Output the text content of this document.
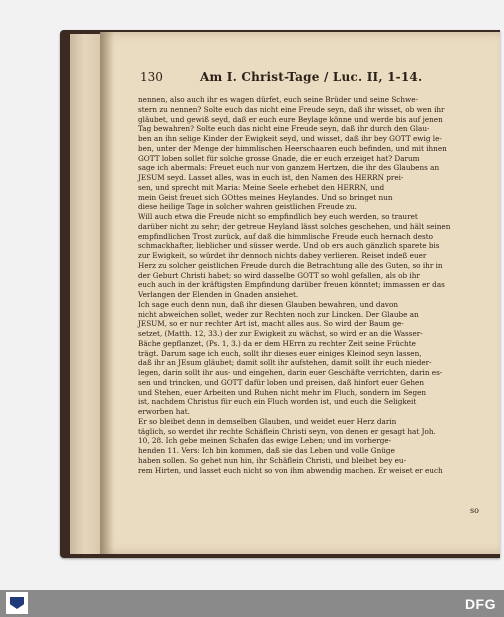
130	Am I. Christ-Tage / Luc. II, 1-14.

nennen, also auch ihr es wagen dürfet, euch seine Brüder und seine Schwe-

stern zu nennen? Solte euch das nicht eine Freude seyn, daß ihr wisset, ob wen ihr

gläubet, und gewiß seyd, daß er euch eure Beylage könne und werde bis auf jenen

Tag bewahren? Solte euch das nicht eine Freude seyn, daß ihr durch den Glau-

ben an ihn selige Kinder der Ewigkeit seyd, und wisset, daß ihr bey GOTT ewig le-

ben, unter der Menge der himmlischen Heerschaaren euch befinden, und mit ihnen

GOTT loben sollet für solche grosse Gnade, die er euch erzeiget hat? Darum

sage ich abermals: Freuet euch nur von ganzem Hertzen, die ihr des Glaubens an

JESUM seyd. Lasset alles, was in euch ist, den Namen des HERRN prei-

sen, und sprecht mit Maria: Meine Seele erhebet den HERRN, und

mein Geist freuet sich GOttes meines Heylandes. Und so bringet nun

diese heilige Tage in solcher wahren geistlichen Freude zu.

Will auch etwa die Freude nicht so empfindlich bey euch werden, so trauret

darüber nicht zu sehr; der getreue Heyland lässt solches geschehen, und hält seinen

empfindlichen Trost zurück, auf daß die himmlische Freude euch hernach desto

schmackhafter, lieblicher und süsser werde. Und ob ers auch gänzlich sparete bis

zur Ewigkeit, so würdet ihr dennoch nichts dabey verlieren. Reiset indeß euer

Herz zu solcher geistlichen Freude durch die Betrachtung alle des Guten, so ihr in

der Geburt Christi habet; so wird dasselbe GOTT so wohl gefallen, als ob ihr

euch auch in der kräftigsten Empfindung darüber freuen könntet; immassen er das

Verlangen der Elenden in Gnaden ansiehet.

Ich sage euch denn nun, daß ihr diesen Glauben bewahren, und davon

nicht abweichen sollet, weder zur Rechten noch zur Lincken. Der Glaube an

JESUM, so er nur rechter Art ist, macht alles aus. So wird der Baum ge-

setzet, (Matth. 12, 33.) der zur Ewigkeit zu wächst, so wird er an die Wasser-

Bäche gepflanzet, (Ps. 1, 3.) da er dem HErrn zu rechter Zeit seine Früchte

trägt. Darum sage ich euch, sollt ihr dieses euer einiges Kleinod seyn lassen,

daß ihr an JEsum gläubet; damit sollt ihr aufstehen, damit sollt ihr euch nieder-

legen, darin sollt ihr aus- und eingehen, darin euer Geschäfte verrichten, darin es-

sen und trincken, und GOTT dafür loben und preisen, daß hinfort euer Gehen

und Stehen, euer Arbeiten und Ruhen nicht mehr im Fluch, sondern im Segen

ist, nachdem Christus für euch ein Fluch worden ist, und euch die Seligkeit

erworben hat.

Er so bleibet denn in demselben Glauben, und weidet euer Herz darin

täglich, so werdet ihr rechte Schäflein Christi seyn, von denen er gesagt hat Joh.

10, 28. Ich gebe meinen Schafen das ewige Leben; und im vorherge-

henden 11. Vers: Ich bin kommen, daß sie das Leben und volle Gnüge

haben sollen. So gehet nun hin, ihr Schäflein Christi, und bleibet bey eu-

rem Hirten, und lasset euch nicht so von ihm abwendig machen. Er weiset er euch

so
DFG
